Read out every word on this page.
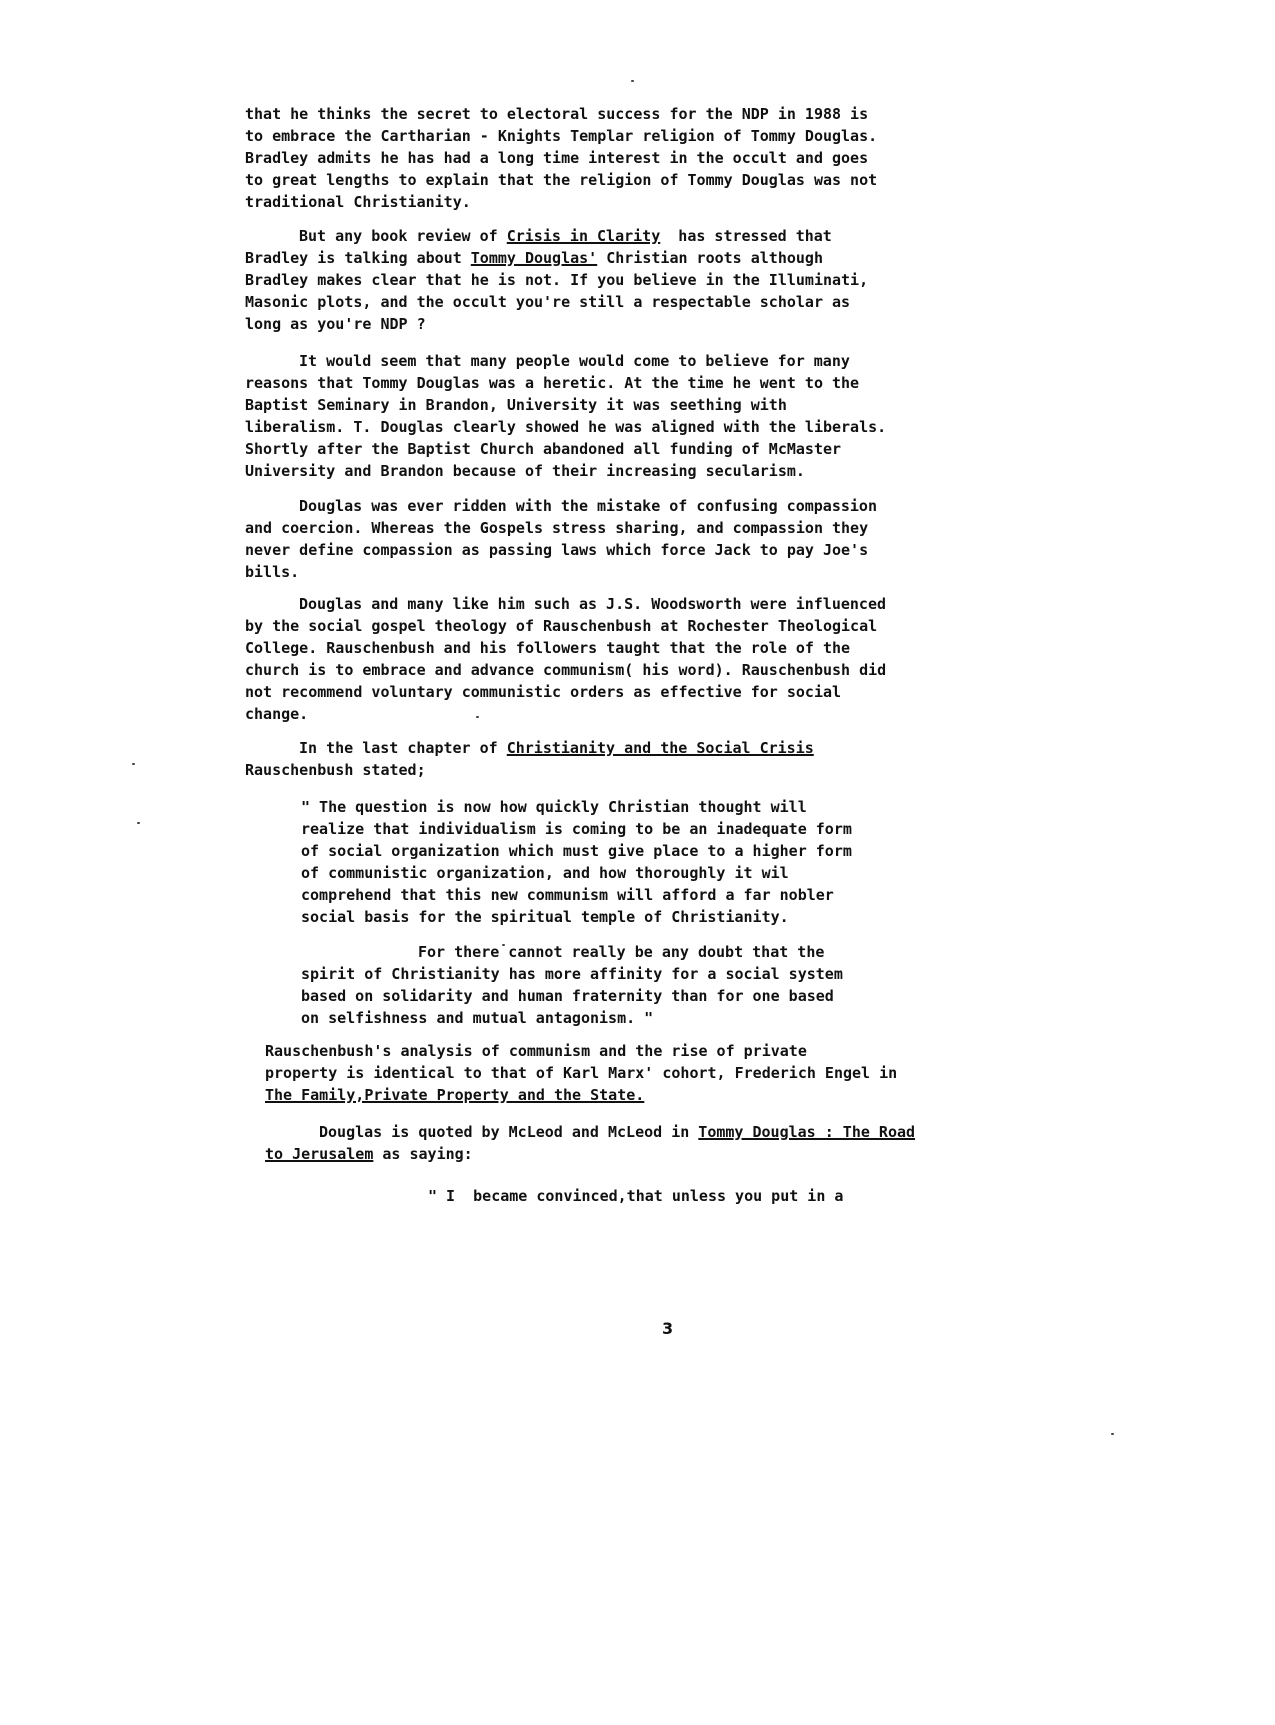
that he thinks the secret to electoral success for the NDP in 1988 is
to embrace the Cartharian - Knights Templar religion of Tommy Douglas.
Bradley admits he has had a long time interest in the occult and goes
to great lengths to explain that the religion of Tommy Douglas was not
traditional Christianity.
But any book review of Crisis in Clarity  has stressed that
Bradley is talking about Tommy Douglas' Christian roots although
Bradley makes clear that he is not. If you believe in the Illuminati,
Masonic plots, and the occult you're still a respectable scholar as
long as you're NDP ?
It would seem that many people would come to believe for many
reasons that Tommy Douglas was a heretic. At the time he went to the
Baptist Seminary in Brandon, University it was seething with
liberalism. T. Douglas clearly showed he was aligned with the liberals.
Shortly after the Baptist Church abandoned all funding of McMaster
University and Brandon because of their increasing secularism.
Douglas was ever ridden with the mistake of confusing compassion
and coercion. Whereas the Gospels stress sharing, and compassion they
never define compassion as passing laws which force Jack to pay Joe's
bills.
Douglas and many like him such as J.S. Woodsworth were influenced
by the social gospel theology of Rauschenbush at Rochester Theological
College. Rauschenbush and his followers taught that the role of the
church is to embrace and advance communism( his word). Rauschenbush did
not recommend voluntary communistic orders as effective for social
change.
In the last chapter of Christianity and the Social Crisis
Rauschenbush stated;
" The question is now how quickly Christian thought will
realize that individualism is coming to be an inadequate form
of social organization which must give place to a higher form
of communistic organization, and how thoroughly it wil
comprehend that this new communism will afford a far nobler
social basis for the spiritual temple of Christianity.
For there cannot really be any doubt that the
spirit of Christianity has more affinity for a social system
based on solidarity and human fraternity than for one based
on selfishness and mutual antagonism. "
Rauschenbush's analysis of communism and the rise of private
property is identical to that of Karl Marx' cohort, Frederich Engel in
The Family,Private Property and the State.
Douglas is quoted by McLeod and McLeod in Tommy Douglas : The Road
to Jerusalem as saying:
" I  became convinced,that unless you put in a
3
